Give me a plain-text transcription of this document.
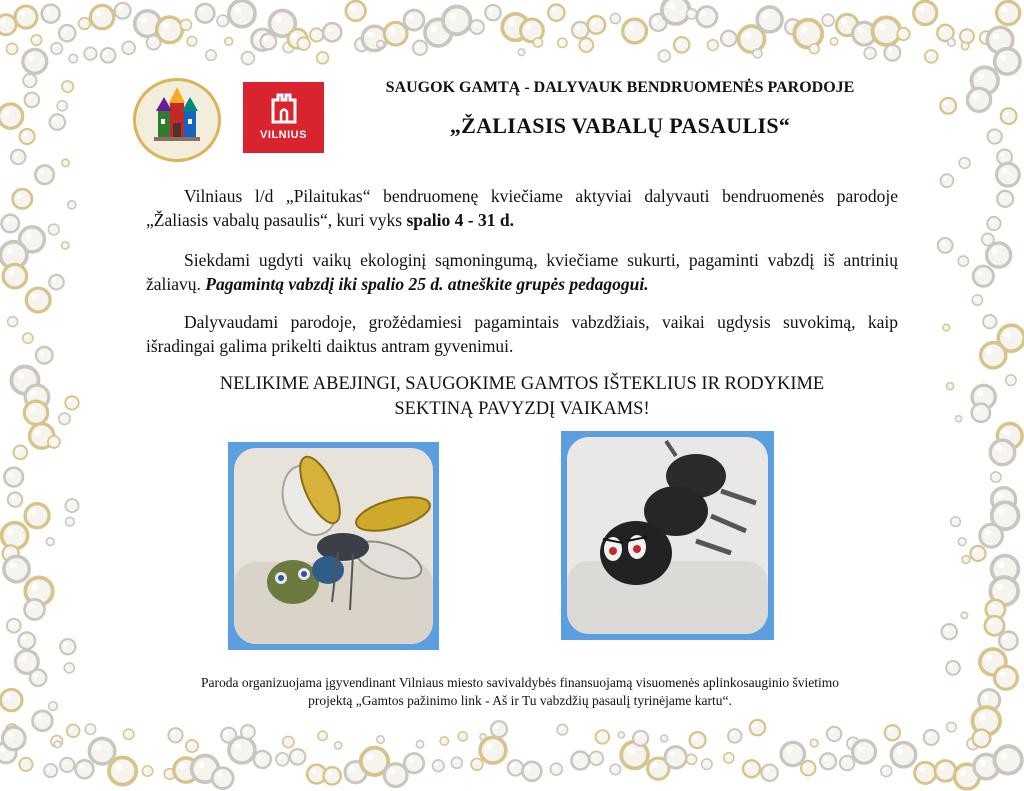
VILNIUS
SAUGOK GAMTĄ - DALYVAUK BENDRUOMENĖS PARODOJE
„ŽALIASIS VABALŲ PASAULIS“

Vilniaus l/d „Pilaitukas“ bendruomenę kviečiame aktyviai dalyvauti bendruomenės parodoje „Žaliasis vabalų pasaulis“, kuri vyks spalio 4 - 31 d.

Siekdami ugdyti vaikų ekologinį sąmoningumą, kviečiame sukurti, pagaminti vabzdį iš antrinių žaliavų. Pagamintą vabzdį iki spalio 25 d. atneškite grupės pedagogui.

Dalyvaudami parodoje, grožėdamiesi pagamintais vabzdžiais, vaikai ugdysis suvokimą, kaip išradingai galima prikelti daiktus antram gyvenimui.

NELIKIME ABEJINGI, SAUGOKIME GAMTOS IŠTEKLIUS IR RODYKIME
SEKTINĄ PAVYZDĮ VAIKAMS!

Paroda organizuojama įgyvendinant Vilniaus miesto savivaldybės finansuojamą visuomenės aplinkosauginio švietimo
projektą „Gamtos pažinimo link - Aš ir Tu vabzdžių pasaulį tyrinėjame kartu“.
